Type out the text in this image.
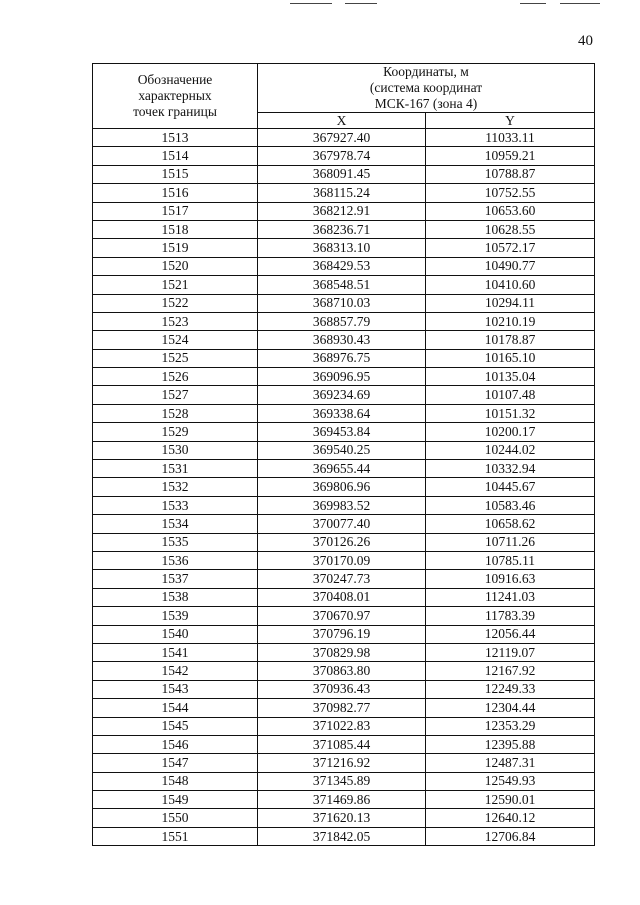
40
Обозначение
характерных
точек границы	Координаты, м
(система координат
МСК-167 (зона 4)	

	X	Y
1513	367927.40	11033.11
1514	367978.74	10959.21
1515	368091.45	10788.87
1516	368115.24	10752.55
1517	368212.91	10653.60
1518	368236.71	10628.55
1519	368313.10	10572.17
1520	368429.53	10490.77
1521	368548.51	10410.60
1522	368710.03	10294.11
1523	368857.79	10210.19
1524	368930.43	10178.87
1525	368976.75	10165.10
1526	369096.95	10135.04
1527	369234.69	10107.48
1528	369338.64	10151.32
1529	369453.84	10200.17
1530	369540.25	10244.02
1531	369655.44	10332.94
1532	369806.96	10445.67
1533	369983.52	10583.46
1534	370077.40	10658.62
1535	370126.26	10711.26
1536	370170.09	10785.11
1537	370247.73	10916.63
1538	370408.01	11241.03
1539	370670.97	11783.39
1540	370796.19	12056.44
1541	370829.98	12119.07
1542	370863.80	12167.92
1543	370936.43	12249.33
1544	370982.77	12304.44
1545	371022.83	12353.29
1546	371085.44	12395.88
1547	371216.92	12487.31
1548	371345.89	12549.93
1549	371469.86	12590.01
1550	371620.13	12640.12
1551	371842.05	12706.84
